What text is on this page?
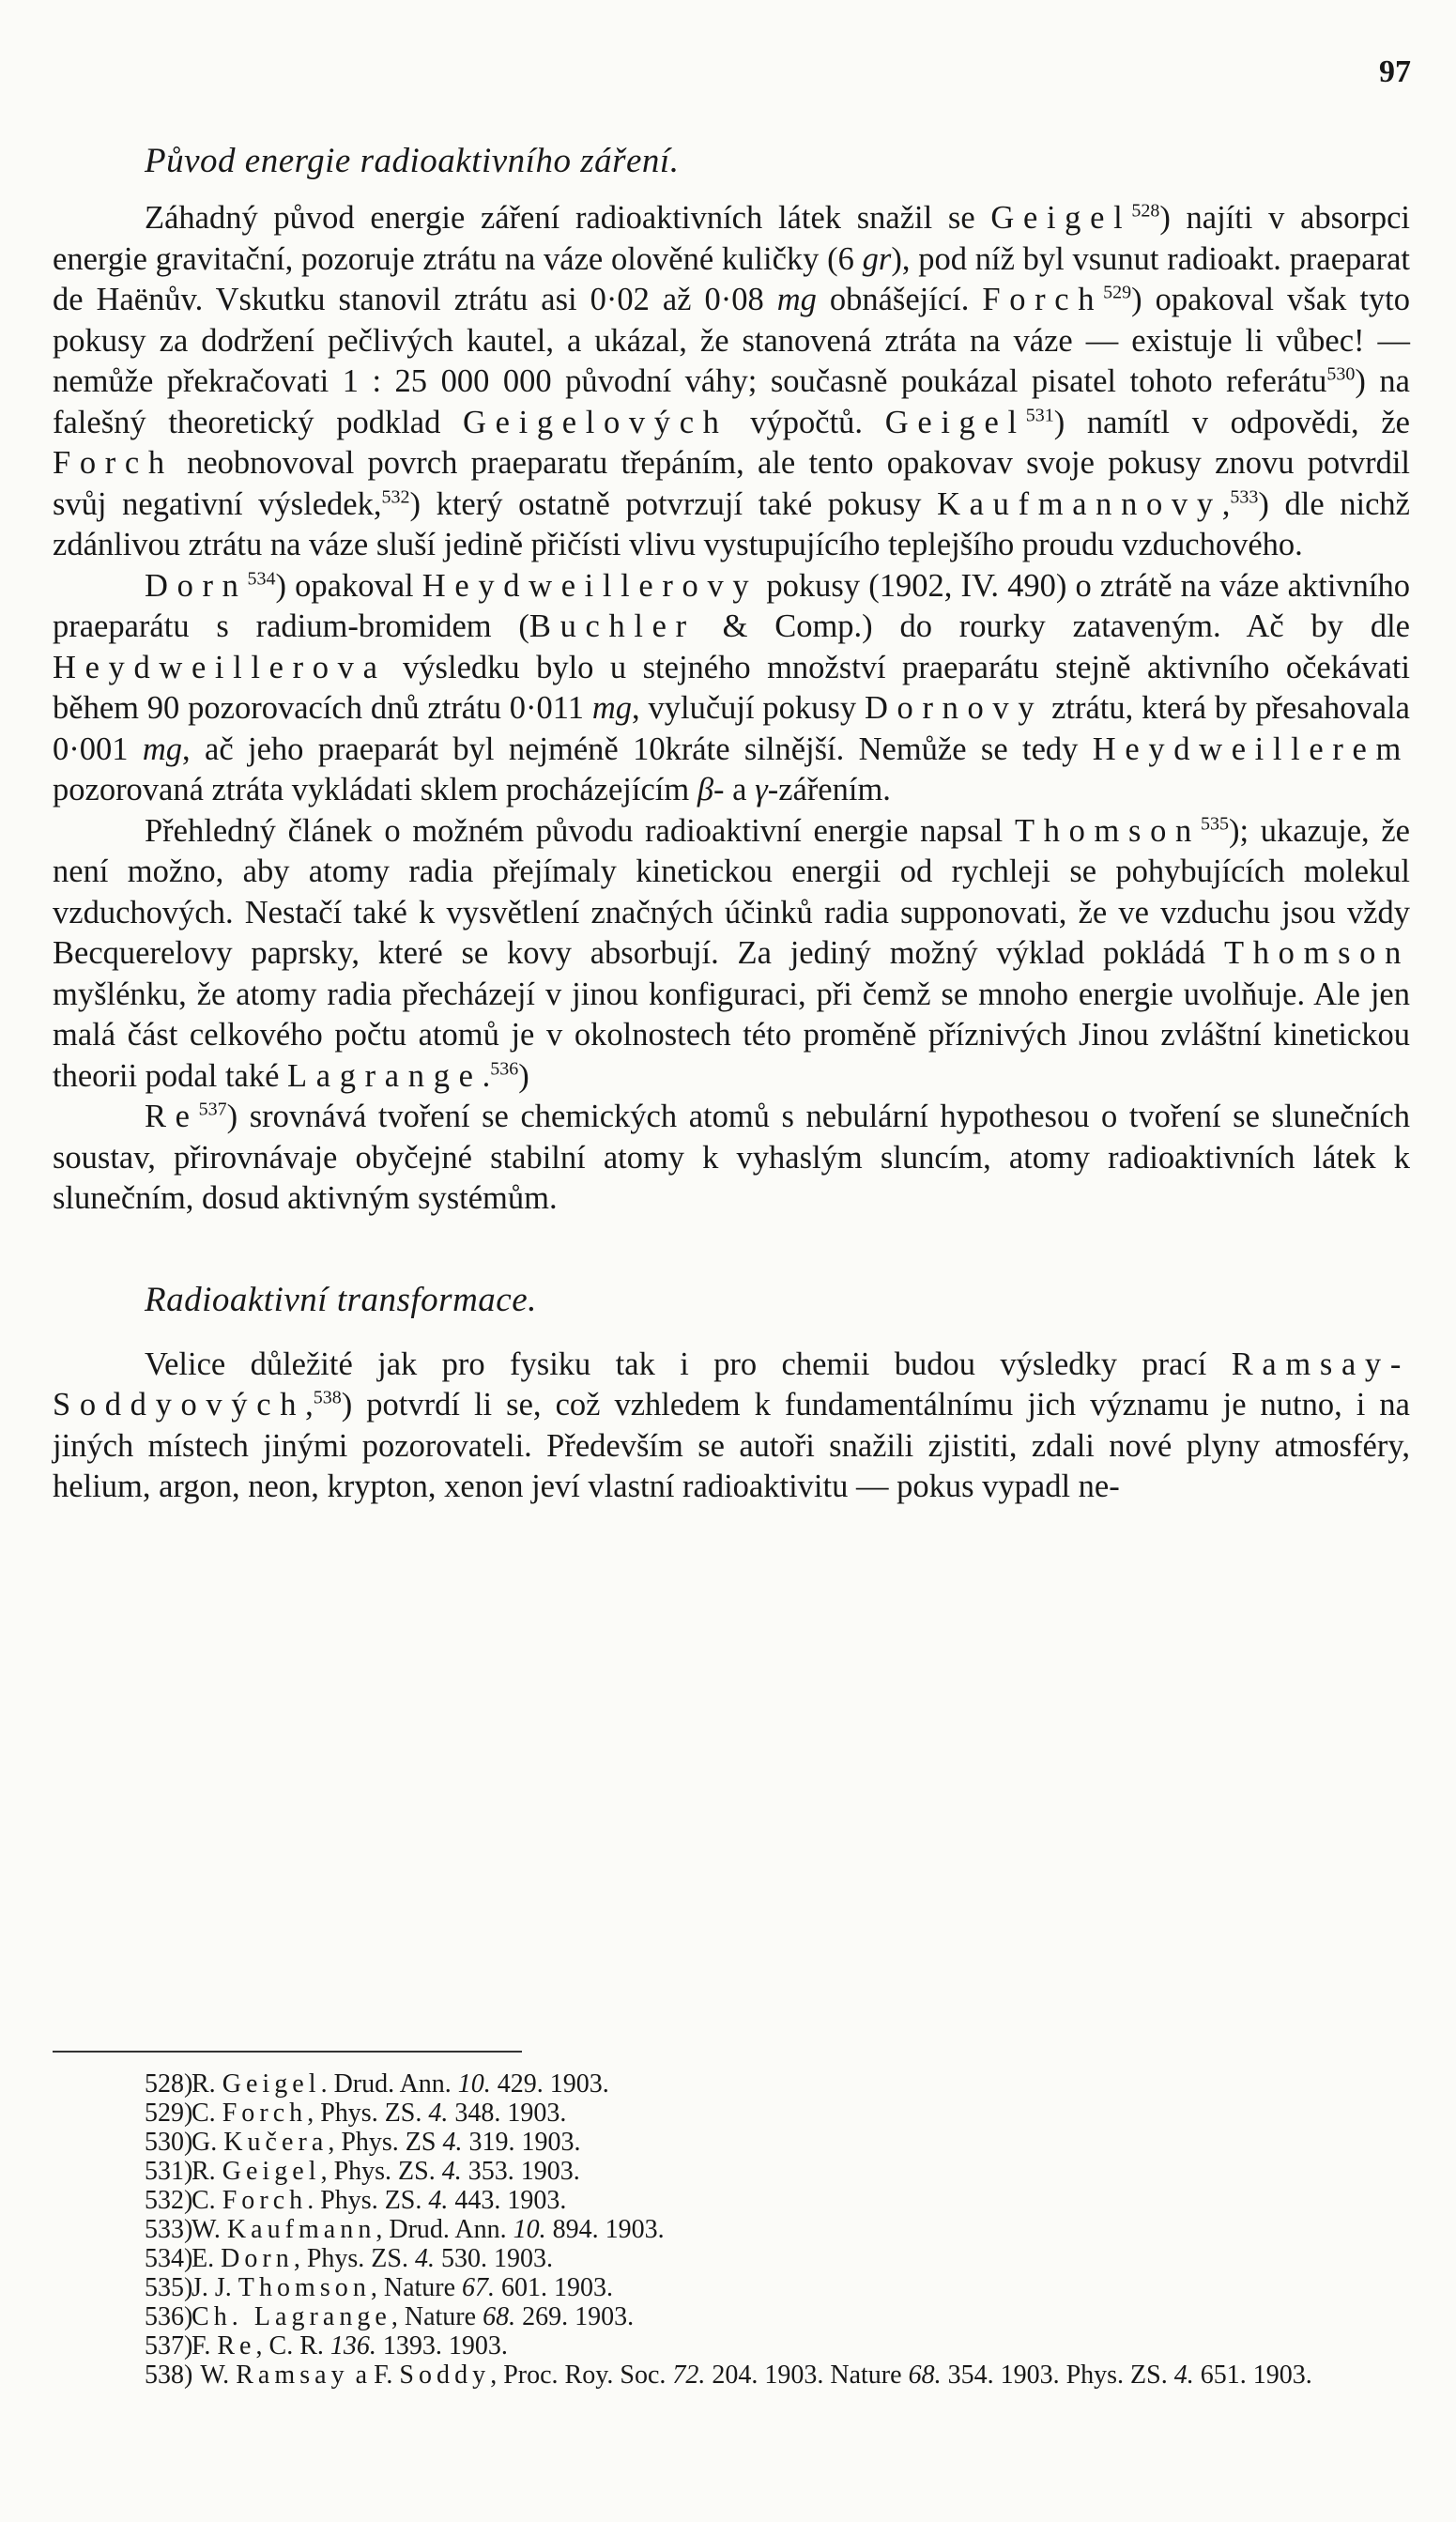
97
Původ energie radioaktivního záření.

Záhadný původ energie záření radioaktivních látek snažil se Geigel$^{528}$) najíti v absorpci energie gravitační, pozoruje ztrátu na váze olověné kuličky (6 gr), pod níž byl vsunut radioakt. praeparat de Haënův. Vskutku stanovil ztrátu asi 0·02 až 0·08 mg obnášející. Forch$^{529}$) opakoval však tyto pokusy za dodržení pečlivých kautel, a ukázal, že stanovená ztráta na váze — existuje li vůbec! — nemůže překračovati 1 : 25 000 000 původní váhy; současně poukázal pisatel tohoto referátu$^{530}$) na falešný theoretický podklad Geigelových výpočtů. Geigel$^{531}$) namítl v odpovědi, že Forch neobnovoval povrch praeparatu třepáním, ale tento opakovav svoje pokusy znovu potvrdil svůj negativní výsledek,$^{532}$) který ostatně potvrzují také pokusy Kaufmannovy,$^{533}$) dle nichž zdánlivou ztrátu na váze sluší jedině přičísti vlivu vystupujícího teplejšího proudu vzduchového.

Dorn$^{534}$) opakoval Heydweillerovy pokusy (1902, IV. 490) o ztrátě na váze aktivního praeparátu s radium-bromidem (Buchler & Comp.) do rourky zataveným. Ač by dle Heydweillerova výsledku bylo u stejného množství praeparátu stejně aktivního očekávati během 90 pozorovacích dnů ztrátu 0·011 mg, vylučují pokusy Dornovy ztrátu, která by přesahovala 0·001 mg, ač jeho praeparát byl nejméně 10kráte silnější. Nemůže se tedy Heydweillerem pozorovaná ztráta vykládati sklem procházejícím β- a γ-zářením.

Přehledný článek o možném původu radioaktivní energie napsal Thomson$^{535}$); ukazuje, že není možno, aby atomy radia přejímaly kinetickou energii od rychleji se pohybujících molekul vzduchových. Nestačí také k vysvětlení značných účinků radia supponovati, že ve vzduchu jsou vždy Becquerelovy paprsky, které se kovy absorbují. Za jediný možný výklad pokládá Thomson myšlénku, že atomy radia přecházejí v jinou konfiguraci, při čemž se mnoho energie uvolňuje. Ale jen malá část celkového počtu atomů je v okolnostech této proměně příznivých Jinou zvláštní kinetickou theorii podal také Lagrange.$^{536}$)

Re$^{537}$) srovnává tvoření se chemických atomů s nebulární hypothesou o tvoření se slunečních soustav, přirovnávaje obyčejné stabilní atomy k vyhaslým sluncím, atomy radioaktivních látek k slunečním, dosud aktivným systémům.

Radioaktivní transformace.

Velice důležité jak pro fysiku tak i pro chemii budou výsledky prací Ramsay-Soddyových,$^{538}$) potvrdí li se, což vzhledem k fundamentálnímu jich významu je nutno, i na jiných místech jinými pozorovateli. Především se autoři snažili zjistiti, zdali nové plyny atmosféry, helium, argon, neon, krypton, xenon jeví vlastní radioaktivitu — pokus vypadl ne-

528)
R. Geigel. Drud. Ann. 10. 429. 1903.
529)
C. Forch, Phys. ZS. 4. 348. 1903.
530)
G. Kučera, Phys. ZS 4. 319. 1903.
531)
R. Geigel, Phys. ZS. 4. 353. 1903.
532)
C. Forch. Phys. ZS. 4. 443. 1903.
533)
W. Kaufmann, Drud. Ann. 10. 894. 1903.
534)
E. Dorn, Phys. ZS. 4. 530. 1903.
535)
J. J. Thomson, Nature 67. 601. 1903.
536)
Ch. Lagrange, Nature 68. 269. 1903.
537)
F. Re, C. R. 136. 1393. 1903.
538) W. Ramsay a F. Soddy, Proc. Roy. Soc. 72. 204. 1903. Nature 68. 354. 1903. Phys. ZS. 4. 651. 1903.
